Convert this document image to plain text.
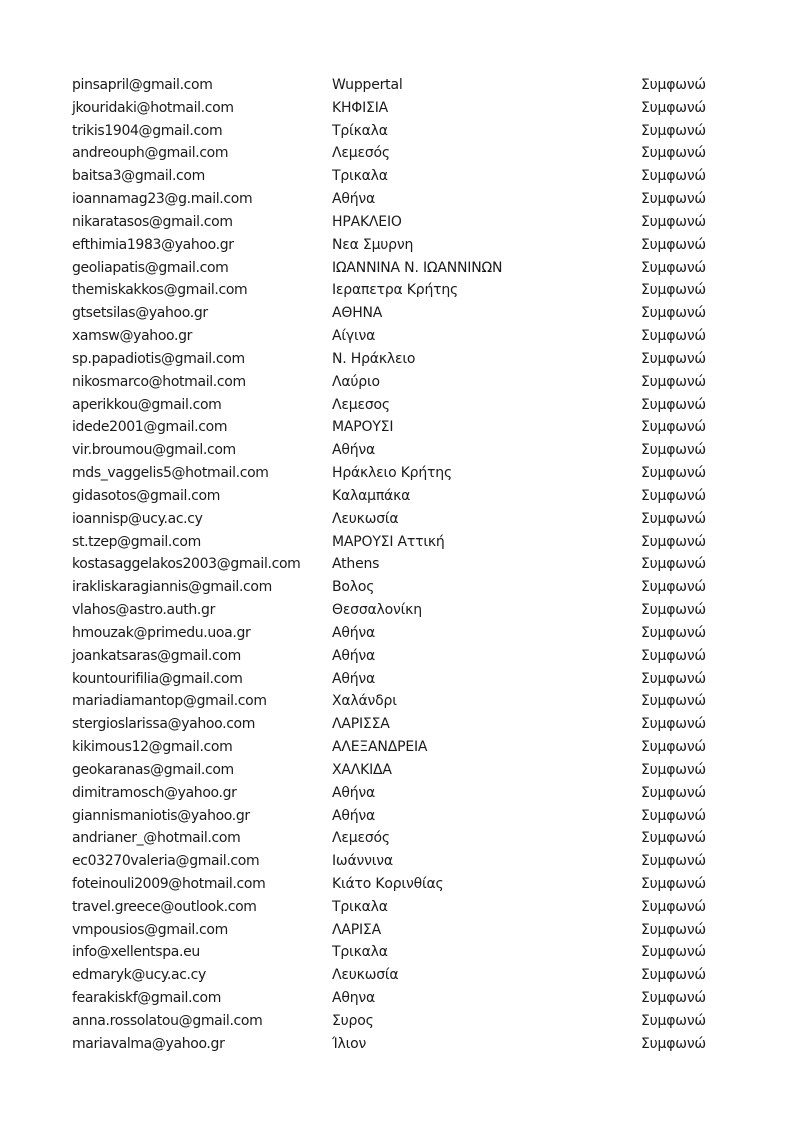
pinsapril@gmail.com	Wuppertal	Συμφωνώ
jkouridaki@hotmail.com	ΚΗΦΙΣΙΑ	Συμφωνώ
trikis1904@gmail.com	Τρίκαλα	Συμφωνώ
andreouph@gmail.com	Λεμεσός	Συμφωνώ
baitsa3@gmail.com	Τρικαλα	Συμφωνώ
ioannamag23@g.mail.com	Αθήνα	Συμφωνώ
nikaratasos@gmail.com	ΗΡΑΚΛΕΙΟ	Συμφωνώ
efthimia1983@yahoo.gr	Νεα Σμυρνη	Συμφωνώ
geoliapatis@gmail.com	ΙΩΑΝΝΙΝΑ Ν. ΙΩΑΝΝΙΝΩΝ	Συμφωνώ
themiskakkos@gmail.com	Ιεραπετρα Κρήτης	Συμφωνώ
gtsetsilas@yahoo.gr	ΑΘΗΝΑ	Συμφωνώ
xamsw@yahoo.gr	Αίγινα	Συμφωνώ
sp.papadiotis@gmail.com	Ν. Ηράκλειο	Συμφωνώ
nikosmarco@hotmail.com	Λαύριο	Συμφωνώ
aperikkou@gmail.com	Λεμεσος	Συμφωνώ
idede2001@gmail.com	ΜΑΡΟΥΣΙ	Συμφωνώ
vir.broumou@gmail.com	Αθήνα	Συμφωνώ
mds_vaggelis5@hotmail.com	Ηράκλειο Κρήτης	Συμφωνώ
gidasotos@gmail.com	Καλαμπάκα	Συμφωνώ
ioannisp@ucy.ac.cy	Λευκωσία	Συμφωνώ
st.tzep@gmail.com	ΜΑΡΟΥΣΙ Αττική	Συμφωνώ
kostasaggelakos2003@gmail.com Athens	Συμφωνώ
irakliskaragiannis@gmail.com	Βολος	Συμφωνώ
vlahos@astro.auth.gr	Θεσσαλονίκη	Συμφωνώ
hmouzak@primedu.uoa.gr	Αθήνα	Συμφωνώ
joankatsaras@gmail.com	Αθήνα	Συμφωνώ
kountourifilia@gmail.com	Αθήνα	Συμφωνώ
mariadiamantop@gmail.com	Χαλάνδρι	Συμφωνώ
stergioslarissa@yahoo.com	ΛΑΡΙΣΣΑ	Συμφωνώ
kikimous12@gmail.com	ΑΛΕΞΑΝΔΡΕΙΑ	Συμφωνώ
geokaranas@gmail.com	ΧΑΛΚΙΔΑ	Συμφωνώ
dimitramosch@yahoo.gr	Αθήνα	Συμφωνώ
giannismaniotis@yahoo.gr	Αθήνα	Συμφωνώ
andrianer_@hotmail.com	Λεμεσός	Συμφωνώ
ec03270valeria@gmail.com	Ιωάννινα	Συμφωνώ
foteinouli2009@hotmail.com	Κιάτο Κορινθίας	Συμφωνώ
travel.greece@outlook.com	Τρικαλα	Συμφωνώ
vmpousios@gmail.com	ΛΑΡΙΣΑ	Συμφωνώ
info@xellentspa.eu	Τρικαλα	Συμφωνώ
edmaryk@ucy.ac.cy	Λευκωσία	Συμφωνώ
fearakiskf@gmail.com	Αθηνα	Συμφωνώ
anna.rossolatou@gmail.com	Συρος	Συμφωνώ
mariavalma@yahoo.gr	Ίλιον	Συμφωνώ
